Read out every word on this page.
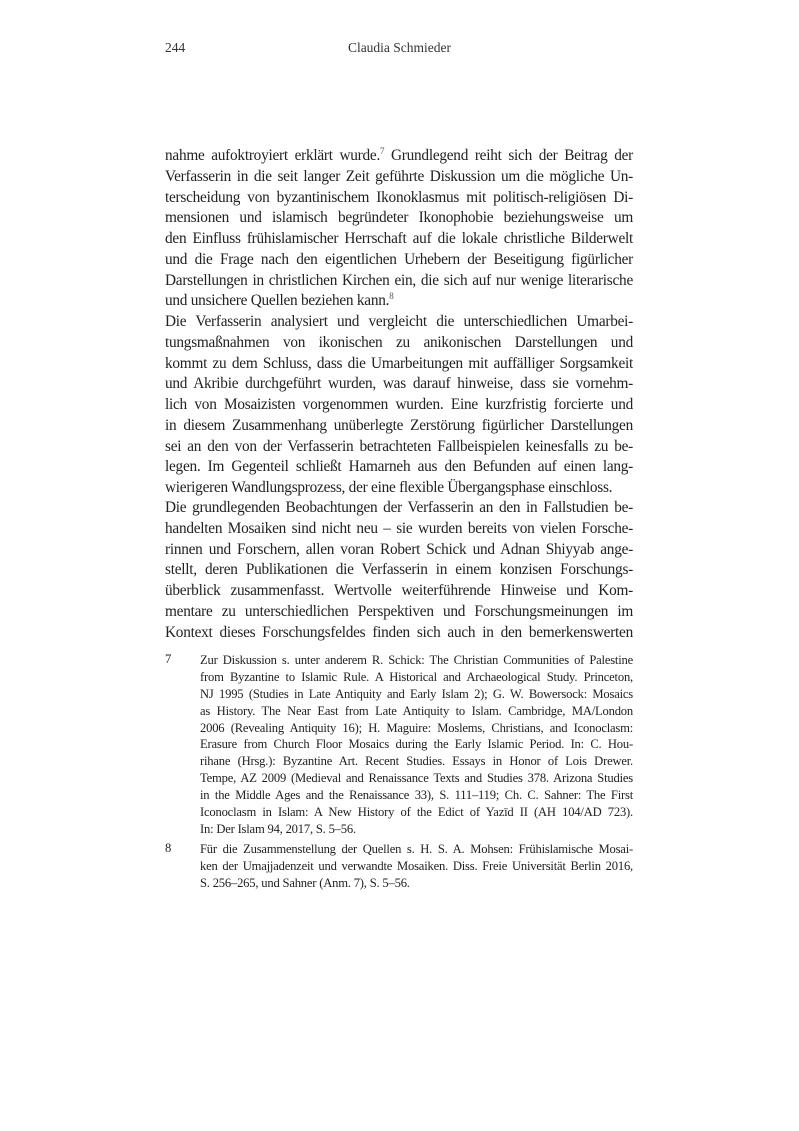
244	Claudia Schmieder
nahme aufoktroyiert erklärt wurde.$^7$ Grundlegend reiht sich der Beitrag der
Verfasserin in die seit langer Zeit geführte Diskussion um die mögliche Un-
terscheidung von byzantinischem Ikonoklasmus mit politisch-religiösen Di-
mensionen und islamisch begründeter Ikonophobie beziehungsweise um
den Einfluss frühislamischer Herrschaft auf die lokale christliche Bilderwelt
und die Frage nach den eigentlichen Urhebern der Beseitigung figürlicher
Darstellungen in christlichen Kirchen ein, die sich auf nur wenige literarische
und unsichere Quellen beziehen kann.$^8$
Die Verfasserin analysiert und vergleicht die unterschiedlichen Umarbei-
tungsmaßnahmen von ikonischen zu anikonischen Darstellungen und
kommt zu dem Schluss, dass die Umarbeitungen mit auffälliger Sorgsamkeit
und Akribie durchgeführt wurden, was darauf hinweise, dass sie vornehm-
lich von Mosaizisten vorgenommen wurden. Eine kurzfristig forcierte und
in diesem Zusammenhang unüberlegte Zerstörung figürlicher Darstellungen
sei an den von der Verfasserin betrachteten Fallbeispielen keinesfalls zu be-
legen. Im Gegenteil schließt Hamarneh aus den Befunden auf einen lang-
wierigeren Wandlungsprozess, der eine flexible Übergangsphase einschloss.
Die grundlegenden Beobachtungen der Verfasserin an den in Fallstudien be-
handelten Mosaiken sind nicht neu – sie wurden bereits von vielen Forsche-
rinnen und Forschern, allen voran Robert Schick und Adnan Shiyyab ange-
stellt, deren Publikationen die Verfasserin in einem konzisen Forschungs-
überblick zusammenfasst. Wertvolle weiterführende Hinweise und Kom-
mentare zu unterschiedlichen Perspektiven und Forschungsmeinungen im
Kontext dieses Forschungsfeldes finden sich auch in den bemerkenswerten
7 Zur Diskussion s. unter anderem R. Schick: The Christian Communities of Palestine
from Byzantine to Islamic Rule. A Historical and Archaeological Study. Princeton,
NJ 1995 (Studies in Late Antiquity and Early Islam 2); G. W. Bowersock: Mosaics
as History. The Near East from Late Antiquity to Islam. Cambridge, MA/London
2006 (Revealing Antiquity 16); H. Maguire: Moslems, Christians, and Iconoclasm:
Erasure from Church Floor Mosaics during the Early Islamic Period. In: C. Hou-
rihane (Hrsg.): Byzantine Art. Recent Studies. Essays in Honor of Lois Drewer.
Tempe, AZ 2009 (Medieval and Renaissance Texts and Studies 378. Arizona Studies
in the Middle Ages and the Renaissance 33), S. 111–119; Ch. C. Sahner: The First
Iconoclasm in Islam: A New History of the Edict of Yazīd II (AH 104/AD 723).
In: Der Islam 94, 2017, S. 5–56.
8 Für die Zusammenstellung der Quellen s. H. S. A. Mohsen: Frühislamische Mosai-
ken der Umajjadenzeit und verwandte Mosaiken. Diss. Freie Universität Berlin 2016,
S. 256–265, und Sahner (Anm. 7), S. 5–56.
